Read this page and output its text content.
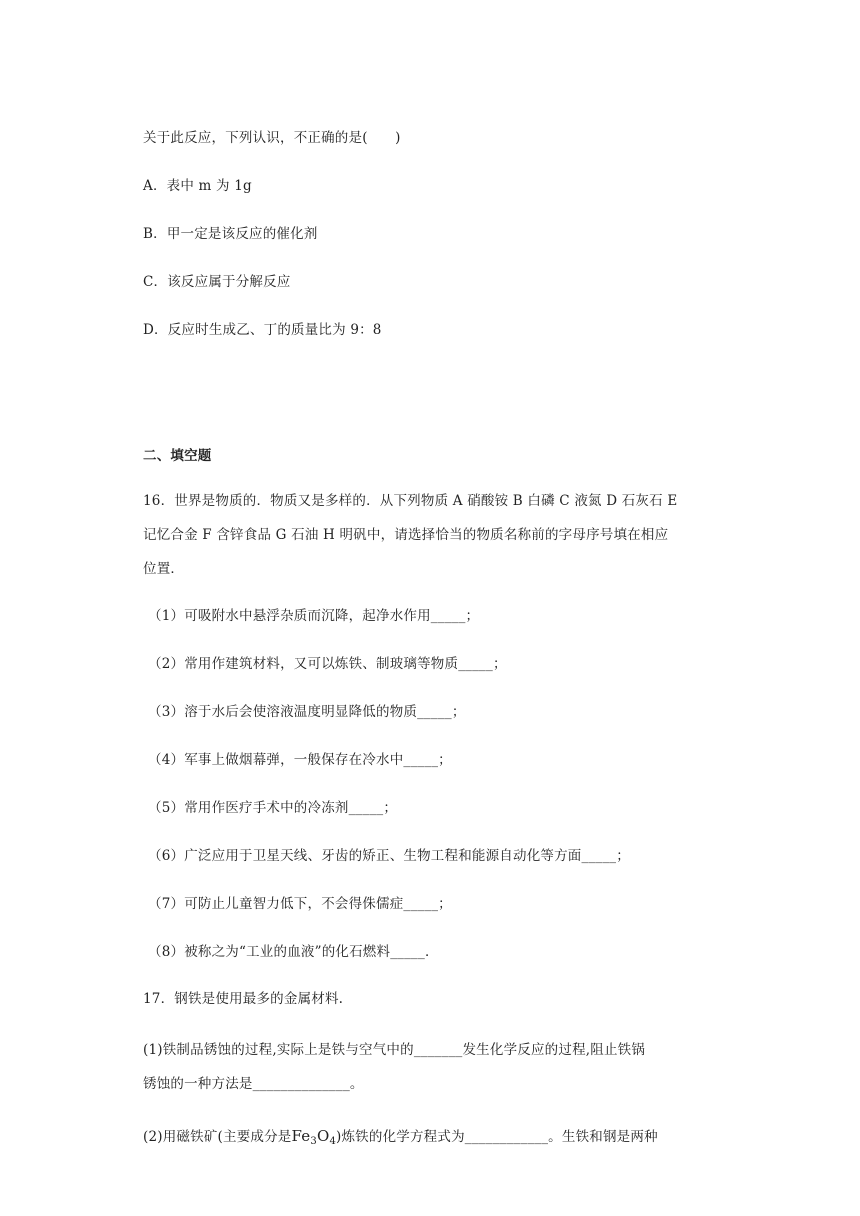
关于此反应，下列认识，不正确的是(　　)
A．表中 m 为 1g
B．甲一定是该反应的催化剂
C．该反应属于分解反应
D．反应时生成乙、丁的质量比为 9：8
二、填空题
16．世界是物质的．物质又是多样的．从下列物质 A 硝酸铵 B 白磷 C 液氮 D 石灰石 E
记忆合金 F 含锌食品 G 石油 H 明矾中，请选择恰当的物质名称前的字母序号填在相应
位置．
（1）可吸附水中悬浮杂质而沉降，起净水作用_____；
（2）常用作建筑材料，又可以炼铁、制玻璃等物质_____；
（3）溶于水后会使溶液温度明显降低的物质_____；
（4）军事上做烟幕弹，一般保存在冷水中_____；
（5）常用作医疗手术中的冷冻剂_____；
（6）广泛应用于卫星天线、牙齿的矫正、生物工程和能源自动化等方面_____；
（7）可防止儿童智力低下，不会得侏儒症_____；
（8）被称之为“工业的血液”的化石燃料_____．
17．钢铁是使用最多的金属材料.
(1)铁制品锈蚀的过程,实际上是铁与空气中的_______发生化学反应的过程,阻止铁锅
锈蚀的一种方法是______________。
(2)用磁铁矿(主要成分是$Fe_3O_4$)炼铁的化学方程式为____________。生铁和钢是两种
